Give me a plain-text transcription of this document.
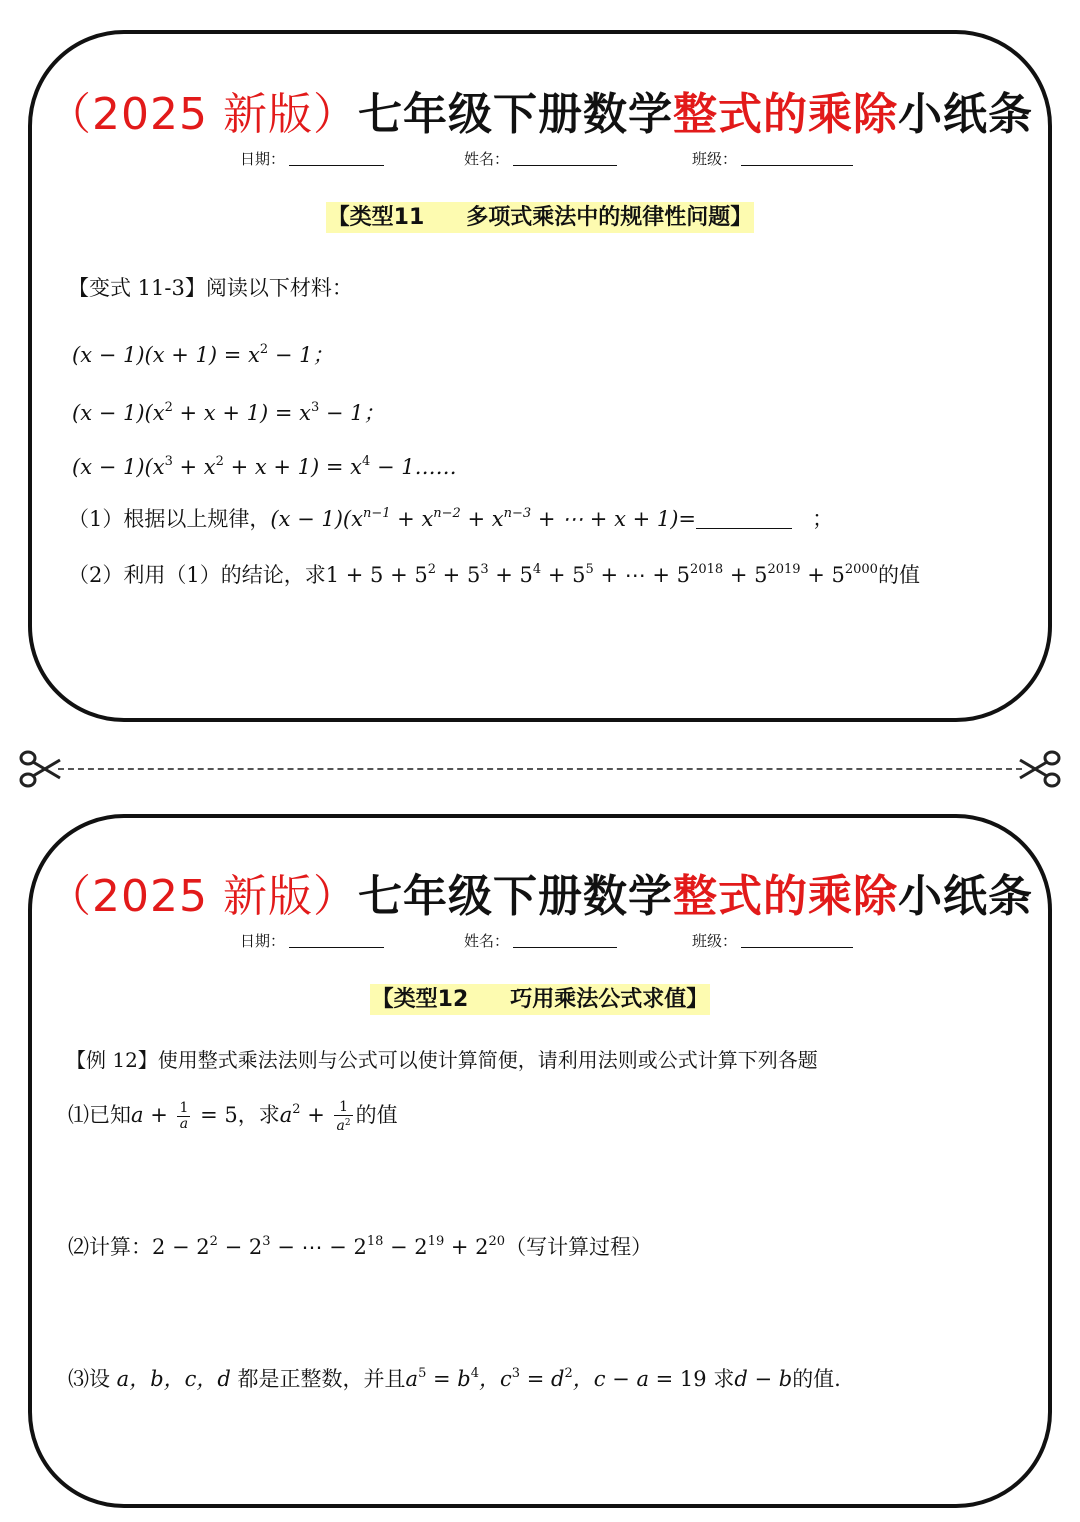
（2025 新版）七年级下册数学整式的乘除小纸条
日期：	姓名：	班级：
【类型11 多项式乘法中的规律性问题】
【变式 11-3】阅读以下材料：
$(x - 1)(x + 1) = x^2 - 1$；
$(x - 1)(x^2 + x + 1) = x^3 - 1$；
$(x - 1)(x^3 + x^2 + x + 1) = x^4$ − 1……
（1）根据以上规律，$(x - 1)(x^{n-1} + x^{n-2} + x^{n-3}$ + ⋯ + x + 1)=	；
（2）利用（1）的结论，求$1 + 5 + 5^2 + 5^3 + 5^4 + 5^5$ + ⋯ + $5^{2018} + 5^{2019} + 5^{2000}$的值
（2025 新版）七年级下册数学整式的乘除小纸条
日期：	姓名：	班级：
【类型12 巧用乘法公式求值】
【例 12】使用整式乘法法则与公式可以使计算简便，请利用法则或公式计算下列各题
⑴已知$a + \frac{1}{a} = 5$，求$a^2 + \frac{1}{a^2}$ 的值
⑵计算：$2 - 2^2 - 2^3$ − ⋯ − $2^{18} - 2^{19} + 2^{20}$（写计算过程）
⑶设 a，b，c，d 都是正整数，并且$a^5 = b^4$，$c^3 = d^2$，c − a = 19 求d − b的值.
